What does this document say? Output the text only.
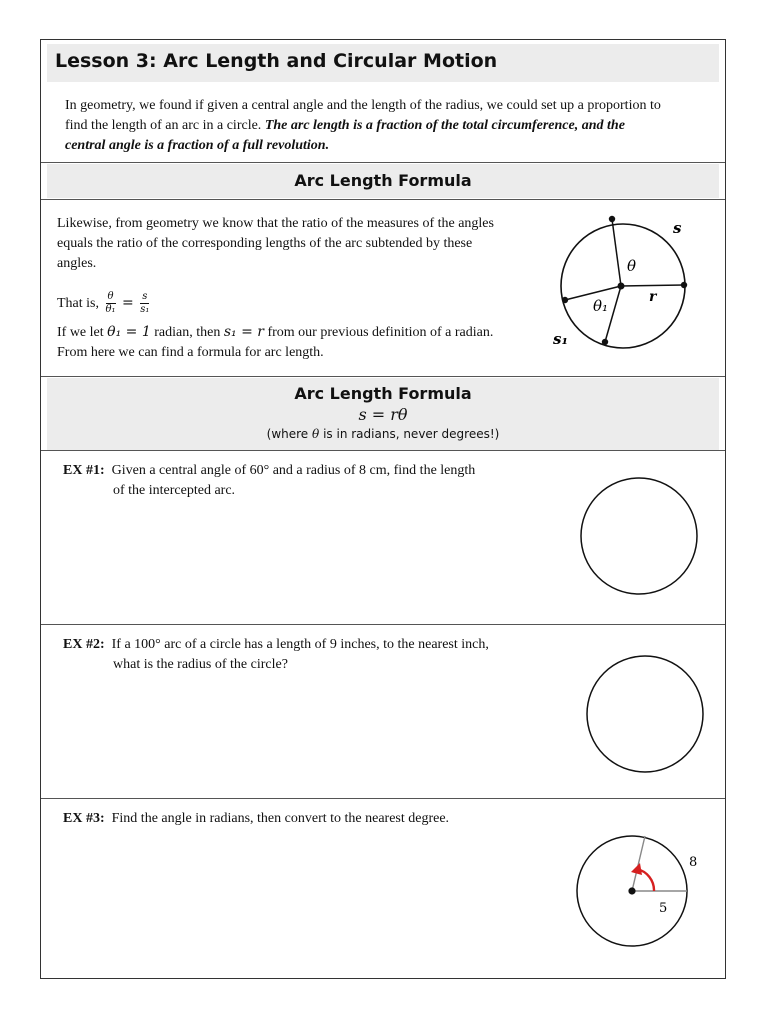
Lesson 3: Arc Length and Circular Motion
In geometry, we found if given a central angle and the length of the radius, we could set up a proportion to find the length of an arc in a circle. The arc length is a fraction of the total circumference, and the central angle is a fraction of a full revolution.
Arc Length Formula
Likewise, from geometry we know that the ratio of the measures of the angles equals the ratio of the corresponding lengths of the arc subtended by these angles.
That is, $\frac{\theta}{\text{θ₁}} = \frac{s}{\text{s₁}}$
If we let θ₁ = 1 radian, then s₁ = r from our previous definition of a radian. From here we can find a formula for arc length.
s
θ
θ₁	r
s₁
Arc Length Formula
s = rθ
(where θ is in radians, never degrees!)
EX #1: Given a central angle of 60° and a radius of 8 cm, find the length
of the intercepted arc.
EX #2: If a 100° arc of a circle has a length of 9 inches, to the nearest inch,
what is the radius of the circle?
EX #3: Find the angle in radians, then convert to the nearest degree.
8
5
